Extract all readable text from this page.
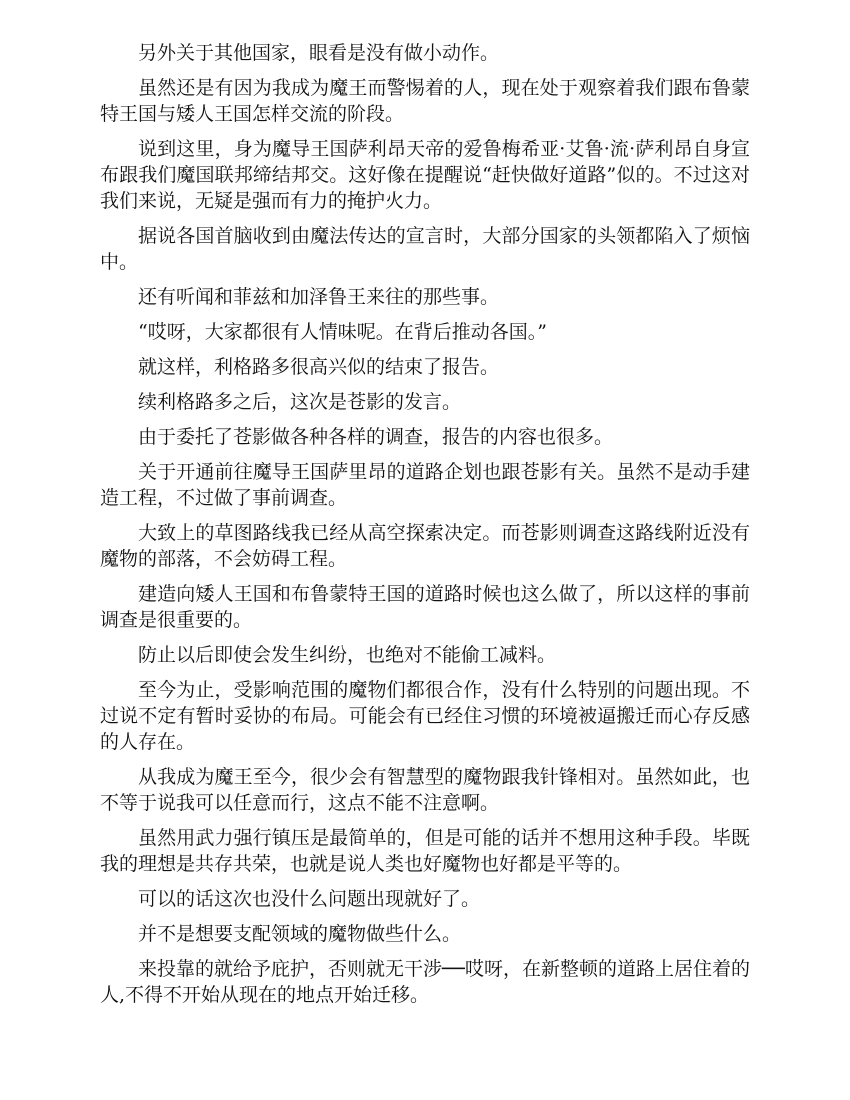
另外关于其他国家，眼看是没有做小动作。

虽然还是有因为我成为魔王而警惕着的人，现在处于观察着我们跟布鲁蒙特王国与矮人王国怎样交流的阶段。

说到这里，身为魔导王国萨利昂天帝的爱鲁梅希亚·艾鲁·流·萨利昂自身宣布跟我们魔国联邦缔结邦交。这好像在提醒说“赶快做好道路”似的。不过这对我们来说，无疑是强而有力的掩护火力。

据说各国首脑收到由魔法传达的宣言时，大部分国家的头领都陷入了烦恼中。

还有听闻和菲兹和加泽鲁王来往的那些事。

“哎呀，大家都很有人情味呢。在背后推动各国。”

就这样，利格路多很高兴似的结束了报告。

续利格路多之后，这次是苍影的发言。

由于委托了苍影做各种各样的调查，报告的内容也很多。

关于开通前往魔导王国萨里昂的道路企划也跟苍影有关。虽然不是动手建造工程，不过做了事前调查。

大致上的草图路线我已经从高空探索决定。而苍影则调查这路线附近没有魔物的部落，不会妨碍工程。

建造向矮人王国和布鲁蒙特王国的道路时候也这么做了，所以这样的事前调查是很重要的。

防止以后即使会发生纠纷，也绝对不能偷工减料。

至今为止，受影响范围的魔物们都很合作，没有什么特别的问题出现。不过说不定有暂时妥协的布局。可能会有已经住习惯的环境被逼搬迁而心存反感的人存在。

从我成为魔王至今，很少会有智慧型的魔物跟我针锋相对。虽然如此，也不等于说我可以任意而行，这点不能不注意啊。

虽然用武力强行镇压是最简单的，但是可能的话并不想用这种手段。毕既我的理想是共存共荣，也就是说人类也好魔物也好都是平等的。

可以的话这次也没什么问题出现就好了。

并不是想要支配领域的魔物做些什么。

来投靠的就给予庇护，否则就无干涉──哎呀，在新整顿的道路上居住着的人,不得不开始从现在的地点开始迁移。
